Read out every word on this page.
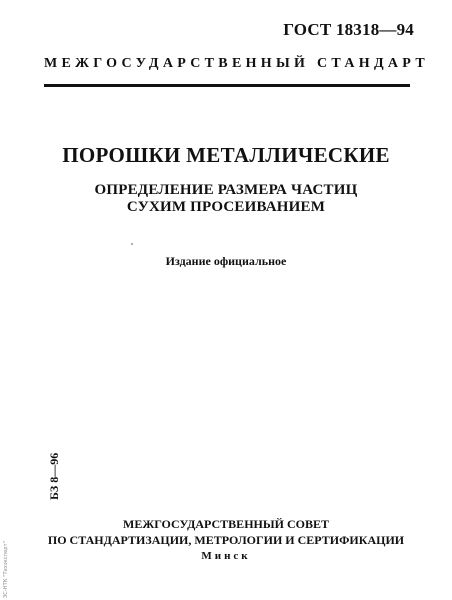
ГОСТ 18318—94
МЕЖГОСУДАРСТВЕННЫЙ СТАНДАРТ
ПОРОШКИ МЕТАЛЛИЧЕСКИЕ
ОПРЕДЕЛЕНИЕ РАЗМЕРА ЧАСТИЦ
СУХИМ ПРОСЕИВАНИЕМ
Издание официальное
БЗ 8—96
ЗС-НТК "Техэксперт"
МЕЖГОСУДАРСТВЕННЫЙ СОВЕТ
ПО СТАНДАРТИЗАЦИИ, МЕТРОЛОГИИ И СЕРТИФИКАЦИИ
Минск
